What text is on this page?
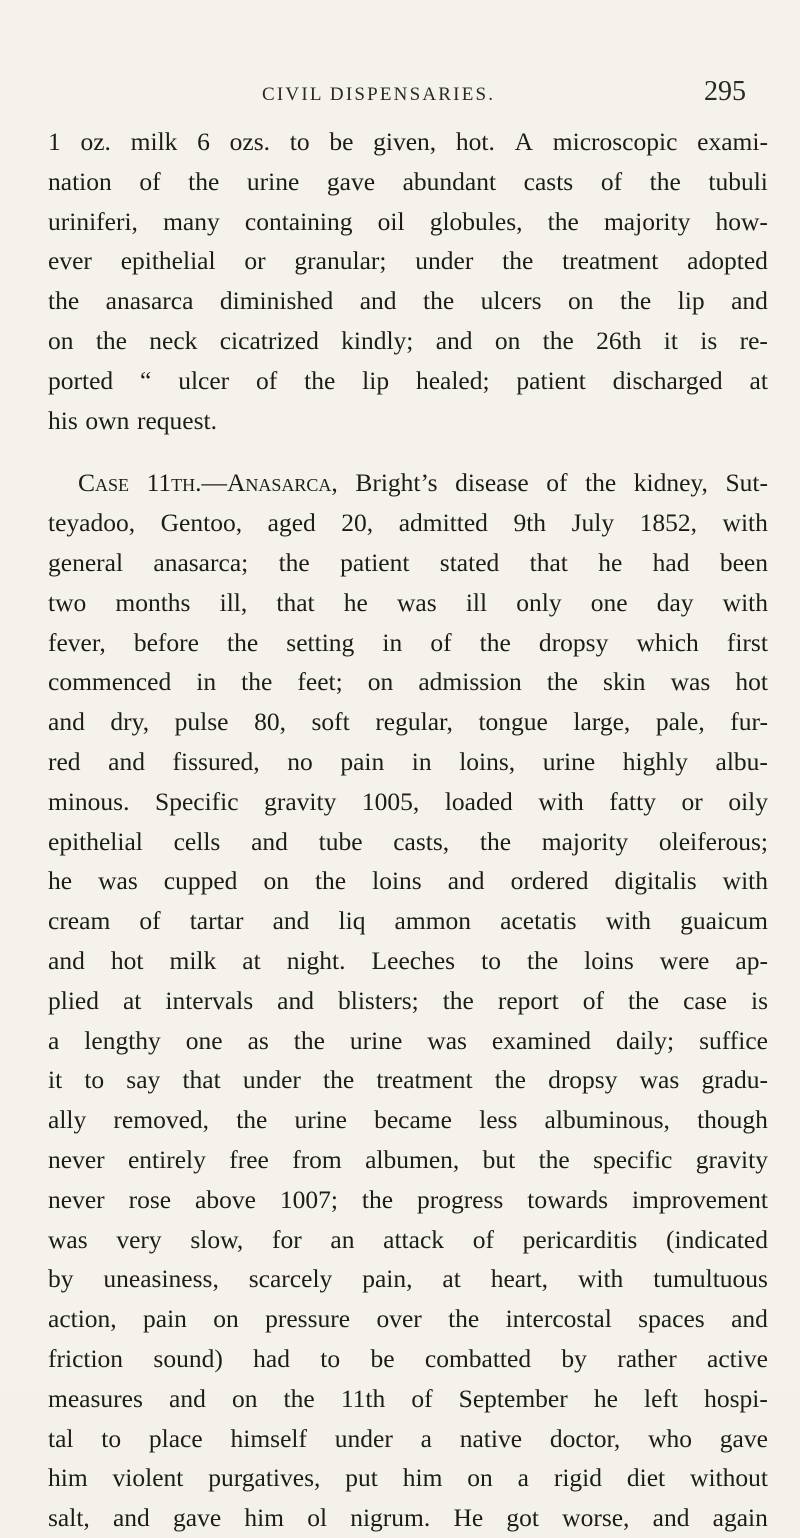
CIVIL DISPENSARIES.	295
1 oz. milk 6 ozs. to be given, hot. A microscopic exami-
nation of the urine gave abundant casts of the tubuli
uriniferi, many containing oil globules, the majority how-
ever epithelial or granular; under the treatment adopted
the anasarca diminished and the ulcers on the lip and
on the neck cicatrized kindly; and on the 26th it is re-
ported “ ulcer of the lip healed; patient discharged at
his own request.
Case 11th.—Anasarca, Bright’s disease of the kidney, Sut-
teyadoo, Gentoo, aged 20, admitted 9th July 1852, with
general anasarca; the patient stated that he had been
two months ill, that he was ill only one day with
fever, before the setting in of the dropsy which first
commenced in the feet; on admission the skin was hot
and dry, pulse 80, soft regular, tongue large, pale, fur-
red and fissured, no pain in loins, urine highly albu-
minous. Specific gravity 1005, loaded with fatty or oily
epithelial cells and tube casts, the majority oleiferous;
he was cupped on the loins and ordered digitalis with
cream of tartar and liq ammon acetatis with guaicum
and hot milk at night. Leeches to the loins were ap-
plied at intervals and blisters; the report of the case is
a lengthy one as the urine was examined daily; suffice
it to say that under the treatment the dropsy was gradu-
ally removed, the urine became less albuminous, though
never entirely free from albumen, but the specific gravity
never rose above 1007; the progress towards improvement
was very slow, for an attack of pericarditis (indicated
by uneasiness, scarcely pain, at heart, with tumultuous
action, pain on pressure over the intercostal spaces and
friction sound) had to be combatted by rather active
measures and on the 11th of September he left hospi-
tal to place himself under a native doctor, who gave
him violent purgatives, put him on a rigid diet without
salt, and gave him ol nigrum. He got worse, and again
